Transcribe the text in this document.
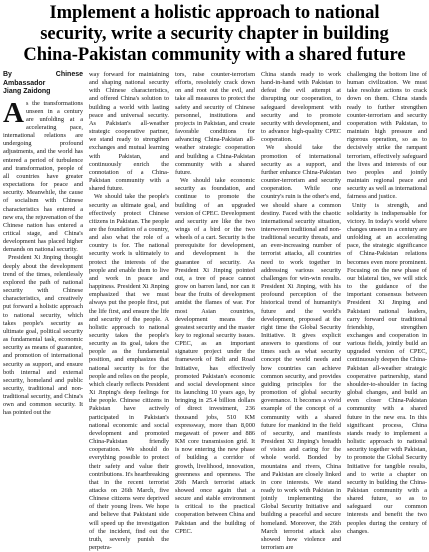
Implement a holistic approach to national
security, write a security chapter in building
China-Pakistan community with a shared future
By Chinese Ambassador
Jiang Zaidong

As the transformations unseen in a century are unfolding at a accelerating pace, international relations are undergoing profound adjustments, and the world has entered a period of turbulence and transformation, people of all countries have greater expectations for peace and security. Meanwhile, the cause of socialism with Chinese characteristics has entered a new era, the rejuvenation of the Chinese nation has entered a critical stage, and China's development has placed higher demands on national security.

President Xi Jinping thought deeply about the development trend of the times, relentlessly explored the path of national security with Chinese characteristics, and creatively put forward a holistic approach to national security, which takes people's security as ultimate goal, political security as fundamental task, economic security as means of guarantee, and promotion of international security as support, and ensure both internal and external security, homeland and public security, traditional and non-traditional security, and China's own and common security. It has pointed out the

way forward for maintaining and shaping national security with Chinese characteristics, and offered China's solution to building a world with lasting peace and universal security. As Pakistan's all-weather strategic cooperative partner, we stand ready to strengthen exchanges and mutual learning with Pakistan, and continuously enrich the connotation of a China-Pakistan community with a shared future.

We should take the people's security as ultimate goal, and effectively protect Chinese citizens in Pakistan. The people are the foundation of a country, and also what the role of a country is for. The national security work is ultimately to protect the interests of the people and enable them to live and work in peace and happiness. President Xi Jinping emphasized that we must always put the people first, put the life first, and ensure the life and security of the people. A holistic approach to national security takes the people's security as its goal, takes the people as the fundamental position, and emphasizes that national security is for the people and relies on the people, which clearly reflects President Xi Jinping's deep feelings for the people. Chinese citizens in Pakistan have actively participated in Pakistan's national economic and social development and promoted China-Pakistan friendly cooperation. We should do everything possible to protect their safety and value their contributions. It's heartbreaking that in the recent terrorist attacks on 26th March, five Chinese citizens were deprived of their young lives. We hope and believe that Pakistani side will speed up the investigation of the incident, find out the truth, severely punish the perpetra-

tors, raise counter-terrorism efforts, resolutely crack down on and root out the evil, and take all measures to protect the safety and security of Chinese personnel, institutions and projects in Pakistan, and create favorable conditions for advancing China-Pakistan all-weather strategic cooperation and building a China-Pakistan community with a shared future.

We should take economic security as foundation, and continue to promote the building of an upgraded version of CPEC. Development and security are like the two wings of a bird or the two wheels of a cart. Security is the prerequisite for development, and development is the guarantee of security. As President Xi Jinping pointed out, a tree of peace cannot grow on barren land, nor can it bear the fruits of development amidst the flames of war. For most Asian countries, development means the greatest security and the master key to regional security issues. CPEC, as an important signature project under the framework of Belt and Road Initiative, has effectively promoted Pakistan's economic and social development since its launching 10 years ago, by bringing in 25.4 billion dollars of direct investment, 236 thousand jobs, 510 KM expressway, more than 8,000 megawatt of power and 886 KM core transmission grid. It is now entering the new phase of building a corridor of growth, livelihood, innovation, greenness and openness. The 26th March terrorist attack showed once again that a secure and stable environment is critical to the practical cooperation between China and Pakistan and the building of CPEC.

China stands ready to work hand-in-hand with Pakistan to defeat the evil attempt at disrupting our cooperation, to safeguard development with security and to promote security with development, and to advance high-quality CPEC cooperation.

We should take the promotion of international security as a support, and further enhance China-Pakistan counter-terrorism and security cooperation. While one country's ruin is the other's end, we should share a common destiny. Faced with the chaotic international security situation, interwoven traditional and non-traditional security threats, and an ever-increasing number of terrorist attacks, all countries need to work together in addressing various security challenges for win-win results. President Xi Jinping, with his profound perception of the historical trend of humanity's future and the world's development, proposed at the right time the Global Security Initiative. It gives explicit answers to questions of our times such as what security concept the world needs and how countries can achieve common security, and provides guiding principles for the promotion of global security governance. It becomes a vivid example of the concept of a community with a shared future for mankind in the field of security, and manifests President Xi Jinping's breadth of vision and caring for the whole world. Bonded by mountains and rivers, China and Pakistan are closely linked in core interests. We stand ready to work with Pakistan in jointly implementing the Global Security Initiative and building a peaceful and secure homeland. Moreover, the 26th March terrorist attack also showed how violence and terrorism are

challenging the bottom line of human civilization. We must take resolute actions to crack down on them. China stands ready to further strengthen counter-terrorism and security cooperation with Pakistan, to maintain high pressure and rigorous operation, so as to decisively strike the rampant terrorism, effectively safeguard the lives and interests of our two peoples and jointly maintain regional peace and security as well as international fairness and justice.

Unity is strength, and solidarity is indispensable for victory. In today's world where changes unseen in a century are unfolding at an accelerating pace, the strategic significance of China-Pakistan relations becomes even more prominent. Focusing on the new phase of our bilateral ties, we will stick to the guidance of the important consensus between President Xi Jinping and Pakistani national leaders, carry forward our traditional friendship, strengthen exchanges and cooperation in various fields, jointly build an upgraded version of CPEC, continuously deepen the China-Pakistan all-weather strategic cooperative partnership, stand shoulder-to-shoulder in facing global changes, and build an even closer China-Pakistan community with a shared future in the new era. In this significant process, China stands ready to implement a holistic approach to national security together with Pakistan, to promote the Global Security Initiative for tangible results, and to write a chapter on security in building the China-Pakistan community with a shared future, so as to safeguard our common interests and benefit the two peoples during the century of changes.
